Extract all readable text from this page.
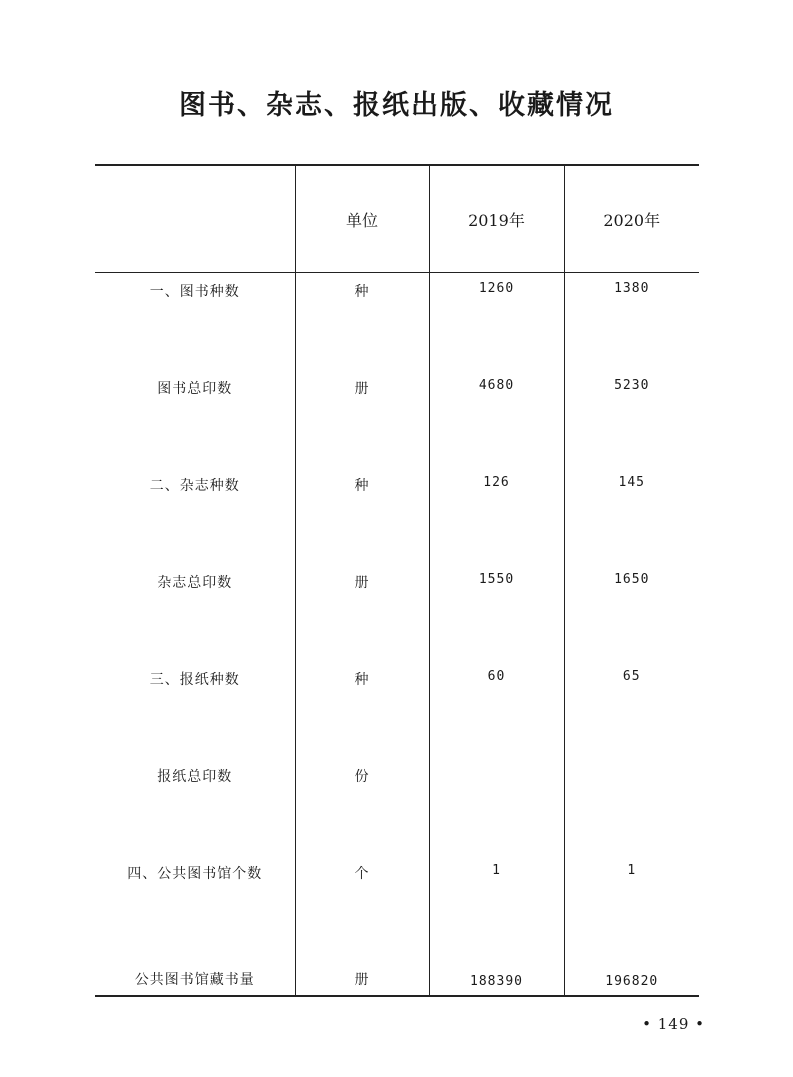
图书、杂志、报纸出版、收藏情况
	单位	2019年	2020年
一、图书种数	种	1260	1380
图书总印数	册	4680	5230
二、杂志种数	种	126	145
杂志总印数	册	1550	1650
三、报纸种数	种	60	65
报纸总印数	份		
四、公共图书馆个数	个	1	1
公共图书馆藏书量	册	188390	196820
• 149 •
